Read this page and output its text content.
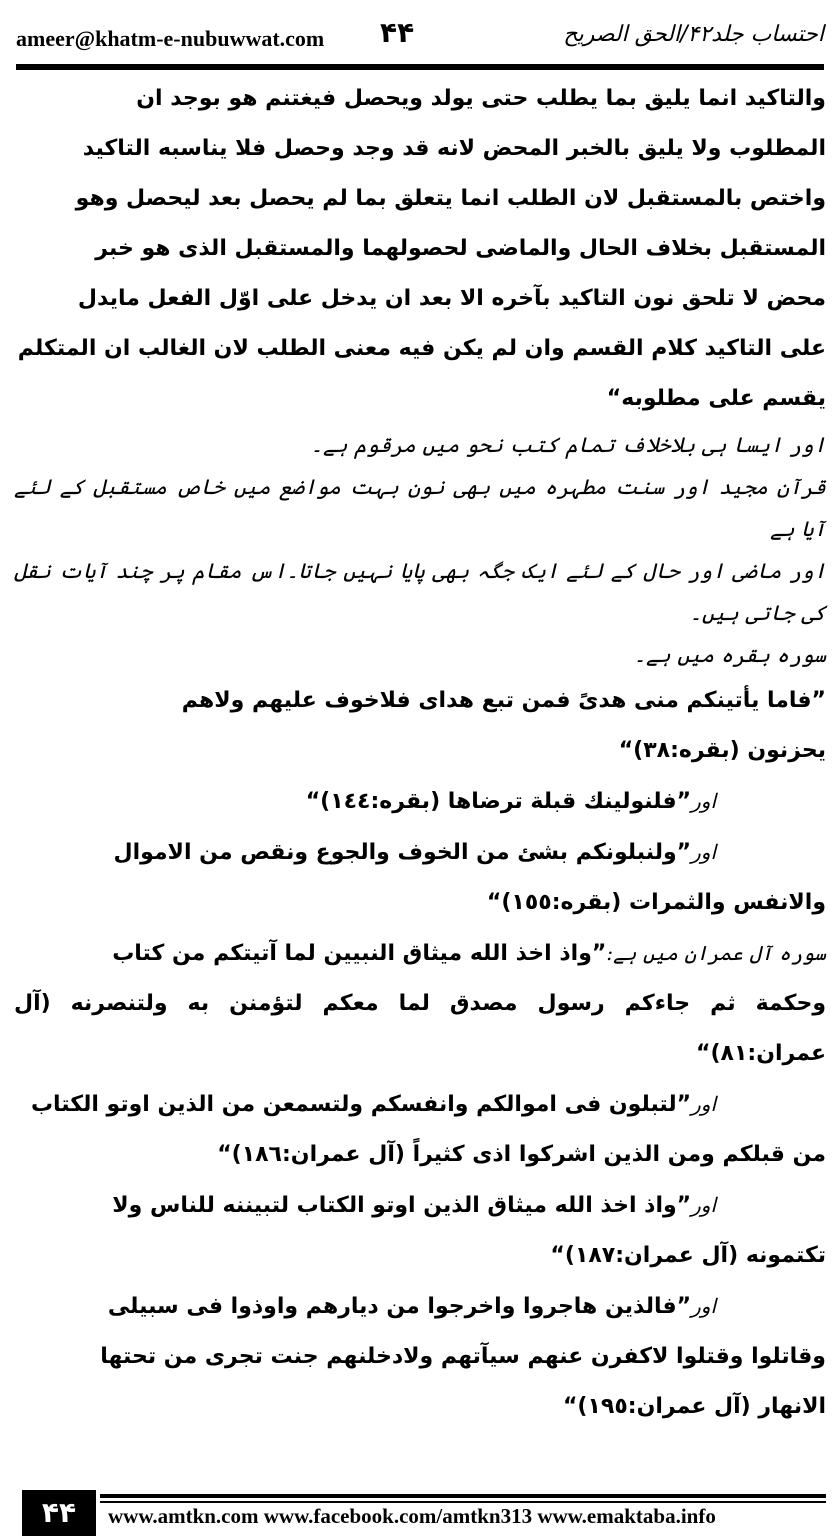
ameer@khatm-e-nubuwwat.com ۴۴	احتساب جلد۴۲/الحق الصریح
والتاكيد انما يليق بما يطلب حتى يولد ويحصل فيغتنم هو بوجد ان
المطلوب ولا يليق بالخبر المحض لانه قد وجد وحصل فلا يناسبه التاكيد
واختص بالمستقبل لان الطلب انما يتعلق بما لم يحصل بعد ليحصل وهو
المستقبل بخلاف الحال والماضى لحصولهما والمستقبل الذى هو خبر
محض لا تلحق نون التاكيد بآخره الا بعد ان يدخل على اوّل الفعل مايدل
على التاكيد كلام القسم وان لم يكن فيه معنى الطلب لان الغالب ان المتكلم
يقسم على مطلوبه“
اور ایسا ہی بلاخلاف تمام کتب نحو میں مرقوم ہے۔
قرآن مجید اور سنت مطہرہ میں بھی نون بہت مواضع میں خاص مستقبل کے لئے آیا ہے
اور ماضی اور حال کے لئے ایک جگہ بھی پایا نہیں جاتا۔اس مقام پر چند آیات نقل کی جاتی ہیں۔
سورہ بقرہ میں ہے۔
”فاما يأتينكم منى هدىً فمن تبع هداى فلاخوف عليهم ولاهم
يحزنون (بقره:٣٨)“
اور”فلنولينك قبلة ترضاها (بقره:١٤٤)“
اور”ولنبلونكم بشئ من الخوف والجوع ونقص من الاموال
والانفس والثمرات (بقره:١٥٥)“
سورہ آل عمران میں ہے:”واذ اخذ الله ميثاق النبيين لما آتيتكم من كتاب
وحكمة ثم جاءكم رسول مصدق لما معكم لتؤمنن به ولتنصرنه (آل عمران:٨١)“
اور”لتبلون فى اموالكم وانفسكم ولتسمعن من الذين اوتو الكتاب
من قبلكم ومن الذين اشركوا اذى كثيراً (آل عمران:١٨٦)“
اور”واذ اخذ الله ميثاق الذين اوتو الكتاب لتبيننه للناس ولا
تكتمونه (آل عمران:١٨٧)“
اور”فالذين هاجروا واخرجوا من ديارهم واوذوا فى سبيلى
وقاتلوا وقتلوا لاكفرن عنهم سيآتهم ولادخلنهم جنت تجرى من تحتها
الانهار (آل عمران:١٩٥)“
۴۴	www.amtkn.com www.facebook.com/amtkn313 www.emaktaba.info
